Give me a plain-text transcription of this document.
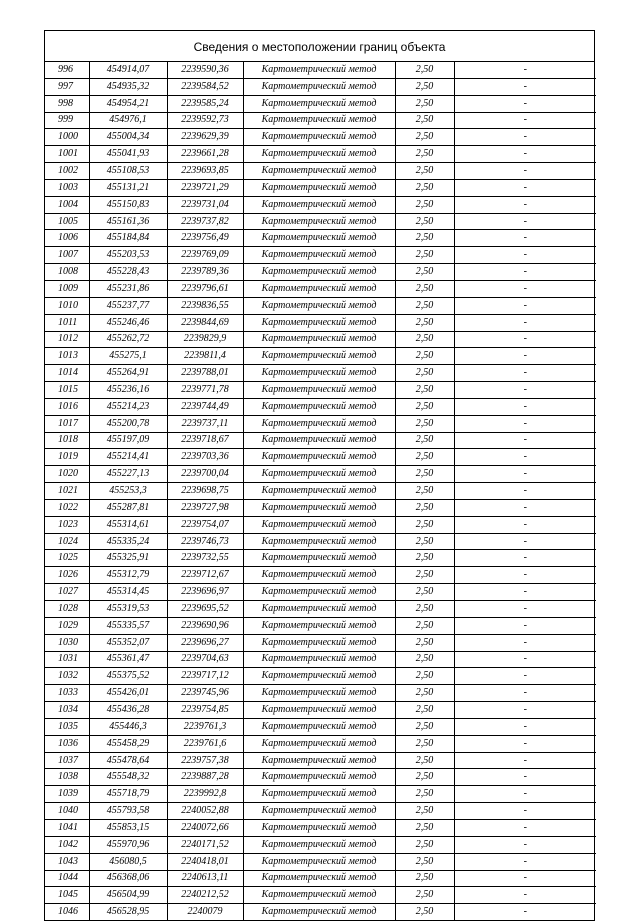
Сведения о местоположении границ объекта
996	454914,07	2239590,36	Картометрический метод	2,50	-
997	454935,32	2239584,52	Картометрический метод	2,50	-
998	454954,21	2239585,24	Картометрический метод	2,50	-
999	454976,1	2239592,73	Картометрический метод	2,50	-
1000	455004,34	2239629,39	Картометрический метод	2,50	-
1001	455041,93	2239661,28	Картометрический метод	2,50	-
1002	455108,53	2239693,85	Картометрический метод	2,50	-
1003	455131,21	2239721,29	Картометрический метод	2,50	-
1004	455150,83	2239731,04	Картометрический метод	2,50	-
1005	455161,36	2239737,82	Картометрический метод	2,50	-
1006	455184,84	2239756,49	Картометрический метод	2,50	-
1007	455203,53	2239769,09	Картометрический метод	2,50	-
1008	455228,43	2239789,36	Картометрический метод	2,50	-
1009	455231,86	2239796,61	Картометрический метод	2,50	-
1010	455237,77	2239836,55	Картометрический метод	2,50	-
1011	455246,46	2239844,69	Картометрический метод	2,50	-
1012	455262,72	2239829,9	Картометрический метод	2,50	-
1013	455275,1	2239811,4	Картометрический метод	2,50	-
1014	455264,91	2239788,01	Картометрический метод	2,50	-
1015	455236,16	2239771,78	Картометрический метод	2,50	-
1016	455214,23	2239744,49	Картометрический метод	2,50	-
1017	455200,78	2239737,11	Картометрический метод	2,50	-
1018	455197,09	2239718,67	Картометрический метод	2,50	-
1019	455214,41	2239703,36	Картометрический метод	2,50	-
1020	455227,13	2239700,04	Картометрический метод	2,50	-
1021	455253,3	2239698,75	Картометрический метод	2,50	-
1022	455287,81	2239727,98	Картометрический метод	2,50	-
1023	455314,61	2239754,07	Картометрический метод	2,50	-
1024	455335,24	2239746,73	Картометрический метод	2,50	-
1025	455325,91	2239732,55	Картометрический метод	2,50	-
1026	455312,79	2239712,67	Картометрический метод	2,50	-
1027	455314,45	2239696,97	Картометрический метод	2,50	-
1028	455319,53	2239695,52	Картометрический метод	2,50	-
1029	455335,57	2239690,96	Картометрический метод	2,50	-
1030	455352,07	2239696,27	Картометрический метод	2,50	-
1031	455361,47	2239704,63	Картометрический метод	2,50	-
1032	455375,52	2239717,12	Картометрический метод	2,50	-
1033	455426,01	2239745,96	Картометрический метод	2,50	-
1034	455436,28	2239754,85	Картометрический метод	2,50	-
1035	455446,3	2239761,3	Картометрический метод	2,50	-
1036	455458,29	2239761,6	Картометрический метод	2,50	-
1037	455478,64	2239757,38	Картометрический метод	2,50	-
1038	455548,32	2239887,28	Картометрический метод	2,50	-
1039	455718,79	2239992,8	Картометрический метод	2,50	-
1040	455793,58	2240052,88	Картометрический метод	2,50	-
1041	455853,15	2240072,66	Картометрический метод	2,50	-
1042	455970,96	2240171,52	Картометрический метод	2,50	-
1043	456080,5	2240418,01	Картометрический метод	2,50	-
1044	456368,06	2240613,11	Картометрический метод	2,50	-
1045	456504,99	2240212,52	Картометрический метод	2,50	-
1046	456528,95	2240079	Картометрический метод	2,50	-
